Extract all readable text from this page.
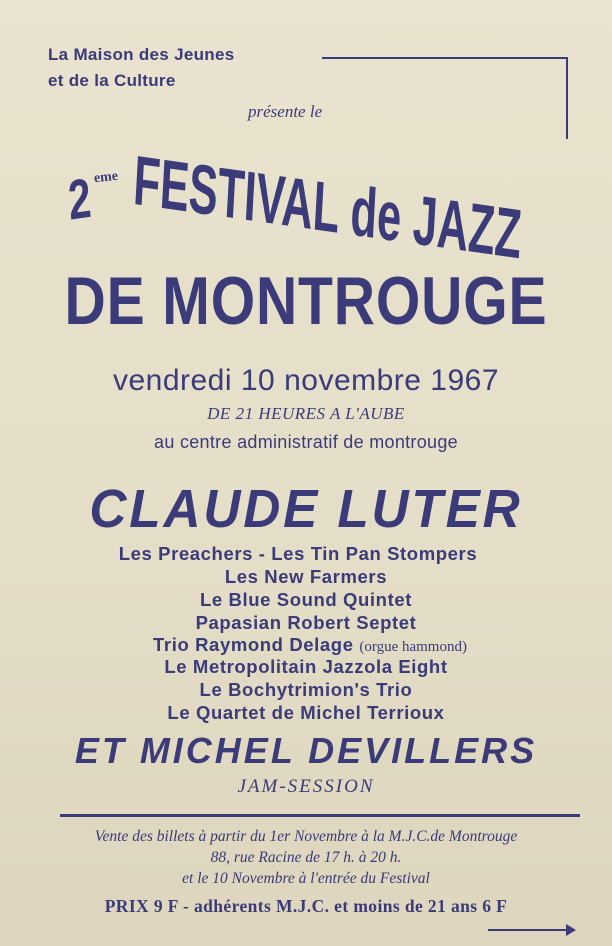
La Maison des Jeunes
et de la Culture
présente le
2 eme FESTIVAL de JAZZ
DE MONTROUGE
vendredi 10 novembre 1967
DE 21 HEURES A L'AUBE
au centre administratif de montrouge
CLAUDE LUTER
Les Preachers - Les Tin Pan Stompers
Les New Farmers
Le Blue Sound Quintet
Papasian Robert Septet
Trio Raymond Delage (orgue hammond)
Le Metropolitain Jazzola Eight
Le Bochytrimion's Trio
Le Quartet de Michel Terrioux
ET MICHEL DEVILLERS
JAM-SESSION
Vente des billets à partir du 1er Novembre à la M.J.C.de Montrouge
88, rue Racine de 17 h. à 20 h.
et le 10 Novembre à l'entrée du Festival
PRIX 9 F - adhérents M.J.C. et moins de 21 ans 6 F
